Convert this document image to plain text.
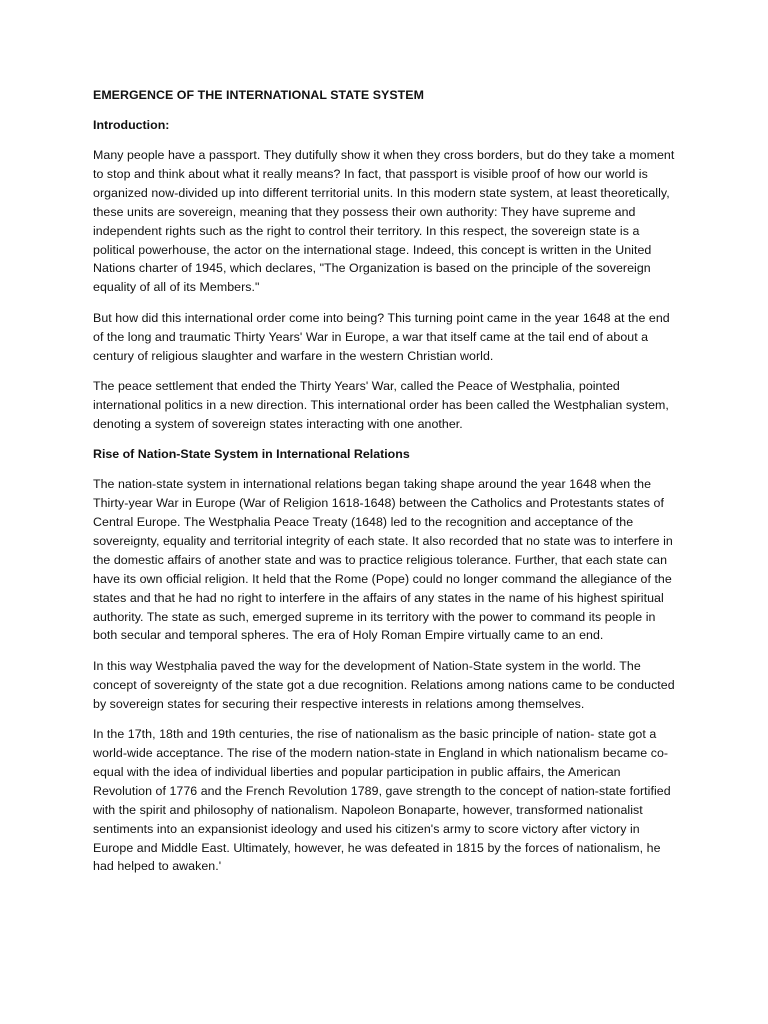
EMERGENCE OF THE INTERNATIONAL STATE SYSTEM
Introduction:

Many people have a passport. They dutifully show it when they cross borders, but do they take a moment to stop and think about what it really means? In fact, that passport is visible proof of how our world is organized now-divided up into different territorial units. In this modern state system, at least theoretically, these units are sovereign, meaning that they possess their own authority: They have supreme and independent rights such as the right to control their territory. In this respect, the sovereign state is a political powerhouse, the actor on the international stage. Indeed, this concept is written in the United Nations charter of 1945, which declares, "The Organization is based on the principle of the sovereign equality of all of its Members."

But how did this international order come into being? This turning point came in the year 1648 at the end of the long and traumatic Thirty Years' War in Europe, a war that itself came at the tail end of about a century of religious slaughter and warfare in the western Christian world.

The peace settlement that ended the Thirty Years' War, called the Peace of Westphalia, pointed international politics in a new direction. This international order has been called the Westphalian system, denoting a system of sovereign states interacting with one another.

Rise of Nation-State System in International Relations

The nation-state system in international relations began taking shape around the year 1648 when the Thirty-year War in Europe (War of Religion 1618-1648) between the Catholics and Protestants states of Central Europe. The Westphalia Peace Treaty (1648) led to the recognition and acceptance of the sovereignty, equality and territorial integrity of each state. It also recorded that no state was to interfere in the domestic affairs of another state and was to practice religious tolerance. Further, that each state can have its own official religion. It held that the Rome (Pope) could no longer command the allegiance of the states and that he had no right to interfere in the affairs of any states in the name of his highest spiritual authority. The state as such, emerged supreme in its territory with the power to command its people in both secular and temporal spheres. The era of Holy Roman Empire virtually came to an end.

In this way Westphalia paved the way for the development of Nation-State system in the world. The concept of sovereignty of the state got a due recognition. Relations among nations came to be conducted by sovereign states for securing their respective interests in relations among themselves.

In the 17th, 18th and 19th centuries, the rise of nationalism as the basic principle of nation- state got a world-wide acceptance. The rise of the modern nation-state in England in which nationalism became co-equal with the idea of individual liberties and popular participation in public affairs, the American Revolution of 1776 and the French Revolution 1789, gave strength to the concept of nation-state fortified with the spirit and philosophy of nationalism. Napoleon Bonaparte, however, transformed nationalist sentiments into an expansionist ideology and used his citizen's army to score victory after victory in Europe and Middle East. Ultimately, however, he was defeated in 1815 by the forces of nationalism, he had helped to awaken.'
